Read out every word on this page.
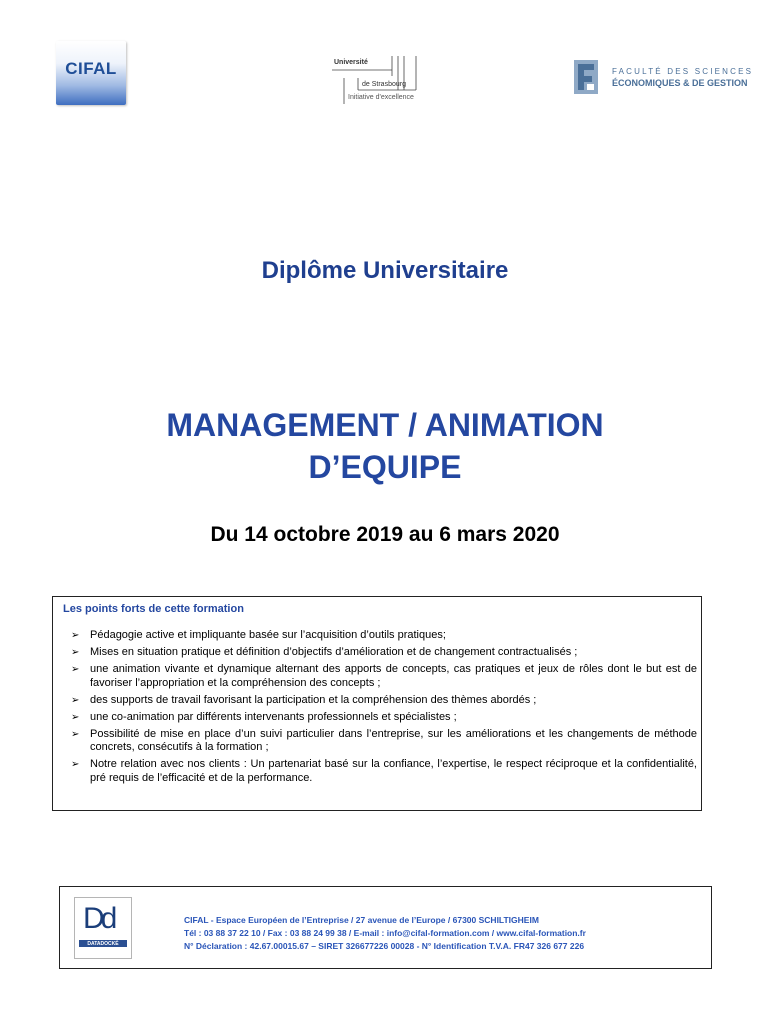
CIFAL	Université
de Strasbourg
Initiative d'excellence
FACULTÉ DES SCIENCES
ÉCONOMIQUES & DE GESTION
Diplôme Universitaire
MANAGEMENT / ANIMATION
D’EQUIPE
Du 14 octobre 2019 au 6 mars 2020
Les points forts de cette formation
➢ Pédagogie active et impliquante basée sur l’acquisition d’outils pratiques;
➢ Mises en situation pratique et définition d’objectifs d’amélioration et de changement contractualisés ;
➢ une animation vivante et dynamique alternant des apports de concepts, cas pratiques et jeux de rôles dont le but est de favoriser l’appropriation et la compréhension des concepts ;
➢ des supports de travail favorisant la participation et la compréhension des thèmes abordés ;
➢ une co-animation par différents intervenants professionnels et spécialistes ;
➢ Possibilité de mise en place d’un suivi particulier dans l’entreprise, sur les améliorations et les changements de méthode concrets, consécutifs à la formation ;
➢ Notre relation avec nos clients : Un partenariat basé sur la confiance, l’expertise, le respect réciproque et la confidentialité, pré requis de l’efficacité et de la performance.
Dd
DATADOCKÉ
CIFAL - Espace Européen de l’Entreprise / 27 avenue de l’Europe / 67300 SCHILTIGHEIM
Tél : 03 88 37 22 10 / Fax : 03 88 24 99 38 / E-mail : info@cifal-formation.com / www.cifal-formation.fr
N° Déclaration : 42.67.00015.67 – SIRET 326677226 00028 - N° Identification T.V.A. FR47 326 677 226
